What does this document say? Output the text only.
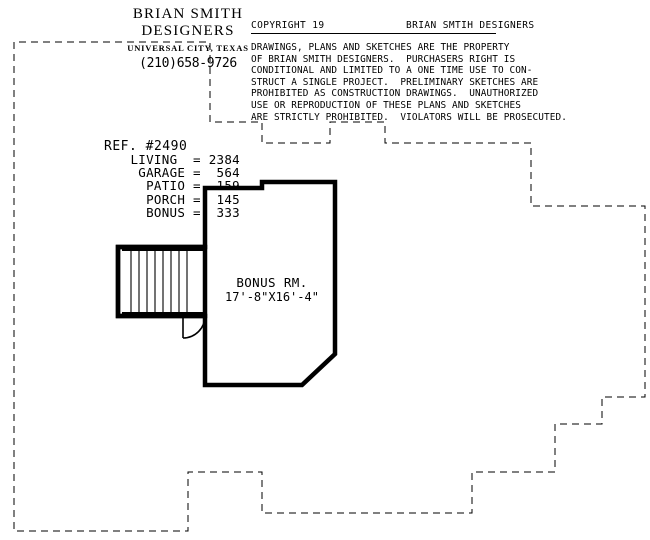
BRIAN SMITH
DESIGNERS
UNIVERSAL CITY, TEXAS
(210)658-9726
COPYRIGHT 19	BRIAN SMTIH DESIGNERS
DRAWINGS, PLANS AND SKETCHES ARE THE PROPERTY
OF BRIAN SMITH DESIGNERS.  PURCHASERS RIGHT IS
CONDITIONAL AND LIMITED TO A ONE TIME USE TO CON-
STRUCT A SINGLE PROJECT.  PRELIMINARY SKETCHES ARE
PROHIBITED AS CONSTRUCTION DRAWINGS.  UNAUTHORIZED
USE OR REPRODUCTION OF THESE PLANS AND SKETCHES
ARE STRICTLY PROHIBITED.  VIOLATORS WILL BE PROSECUTED.
REF. #2490
LIVING  = 2384
GARAGE =  564
PATIO =  159
PORCH =  145
BONUS =  333
BONUS RM.
17'-8"X16'-4"
